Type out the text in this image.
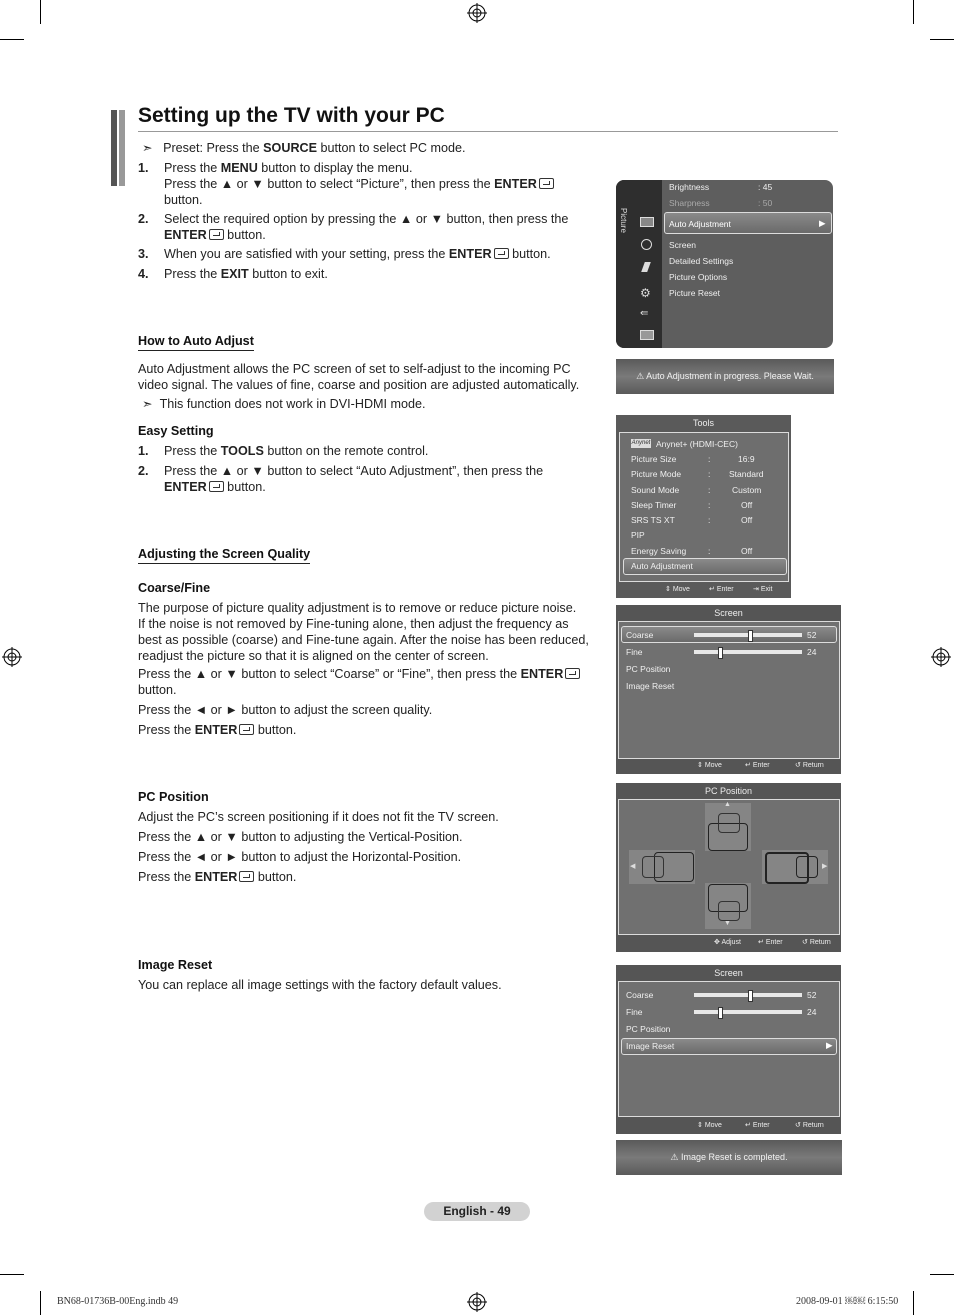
Setting up the TV with your PC
➣ Preset: Press the SOURCE button to select PC mode.
1. Press the MENU button to display the menu.
Press the ▲ or ▼ button to select “Picture”, then press the ENTER
button.
2. Select the required option by pressing the ▲ or ▼ button, then press the
ENTER button.
3. When you are satisfied with your setting, press the ENTER button.
4. Press the EXIT button to exit.
How to Auto Adjust
Auto Adjustment allows the PC screen of set to self-adjust to the incoming PC
video signal. The values of fine, coarse and position are adjusted automatically.
➣ This function does not work in DVI-HDMI mode.
Easy Setting
1. Press the TOOLS button on the remote control.
2. Press the ▲ or ▼ button to select “Auto Adjustment”, then press the
ENTER button.
Adjusting the Screen Quality
Coarse/Fine
The purpose of picture quality adjustment is to remove or reduce picture noise.
If the noise is not removed by Fine-tuning alone, then adjust the frequency as
best as possible (coarse) and Fine-tune again. After the noise has been reduced,
readjust the picture so that it is aligned on the center of screen.
Press the ▲ or ▼ button to select “Coarse” or “Fine”, then press the ENTER
button.
Press the ◄ or ► button to adjust the screen quality.
Press the ENTER button.
PC Position
Adjust the PC’s screen positioning if it does not fit the TV screen.
Press the ▲ or ▼ button to adjusting the Vertical-Position.
Press the ◄ or ► button to adjust the Horizontal-Position.
Press the ENTER button.
Image Reset
You can replace all image settings with the factory default values.
Picture
⚙
⇚
Brightness	: 45
Sharpness	: 50
Auto Adjustment	▶
Screen
Detailed Settings
Picture Options
Picture Reset
⚠ Auto Adjustment in progress. Please Wait.
Tools
Anynet Anynet+ (HDMI-CEC)
Picture Size	:	16:9
Picture Mode	: Standard
Sound Mode	:	Custom
Sleep Timer	:	Off
SRS TS XT	:	Off
PIP
Energy Saving	:	Off
Auto Adjustment
⇕ Move	↵ Enter	⇥ Exit
Screen
Coarse	52
Fine	24
PC Position
Image Reset
⇕ Move	↵ Enter	↺ Return
PC Position
▲
▼
◀	▶
✥ Adjust ↵ Enter	↺ Return
Screen
Coarse	52
Fine	24
PC Position
Image Reset	▶
⇕ Move	↵ Enter	↺ Return
⚠ Image Reset is completed.
English - 49
BN68-01736B-00Eng.indb 49	2008-09-01 ￼￼ 6:15:50
